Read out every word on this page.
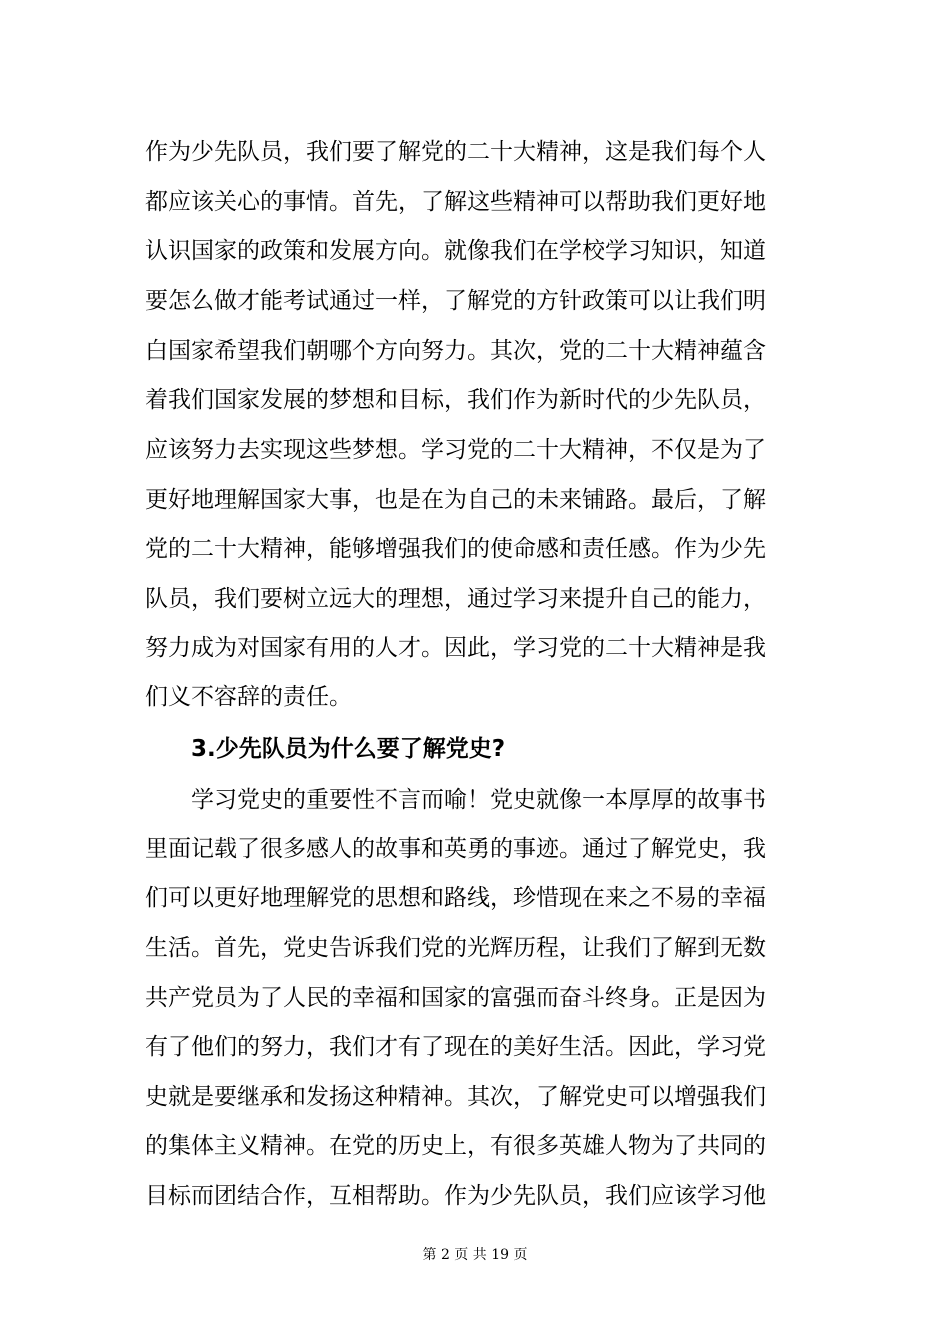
作为少先队员，我们要了解党的二十大精神，这是我们每个人
都应该关心的事情。首先，了解这些精神可以帮助我们更好地
认识国家的政策和发展方向。就像我们在学校学习知识，知道
要怎么做才能考试通过一样，了解党的方针政策可以让我们明
白国家希望我们朝哪个方向努力。其次，党的二十大精神蕴含
着我们国家发展的梦想和目标，我们作为新时代的少先队员，
应该努力去实现这些梦想。学习党的二十大精神，不仅是为了
更好地理解国家大事，也是在为自己的未来铺路。最后，了解
党的二十大精神，能够增强我们的使命感和责任感。作为少先
队员，我们要树立远大的理想，通过学习来提升自己的能力，
努力成为对国家有用的人才。因此，学习党的二十大精神是我
们义不容辞的责任。
3.少先队员为什么要了解党史?
学习党史的重要性不言而喻！党史就像一本厚厚的故事书
里面记载了很多感人的故事和英勇的事迹。通过了解党史，我
们可以更好地理解党的思想和路线，珍惜现在来之不易的幸福
生活。首先，党史告诉我们党的光辉历程，让我们了解到无数
共产党员为了人民的幸福和国家的富强而奋斗终身。正是因为
有了他们的努力，我们才有了现在的美好生活。因此，学习党
史就是要继承和发扬这种精神。其次，了解党史可以增强我们
的集体主义精神。在党的历史上，有很多英雄人物为了共同的
目标而团结合作，互相帮助。作为少先队员，我们应该学习他
第 2 页 共 19 页
